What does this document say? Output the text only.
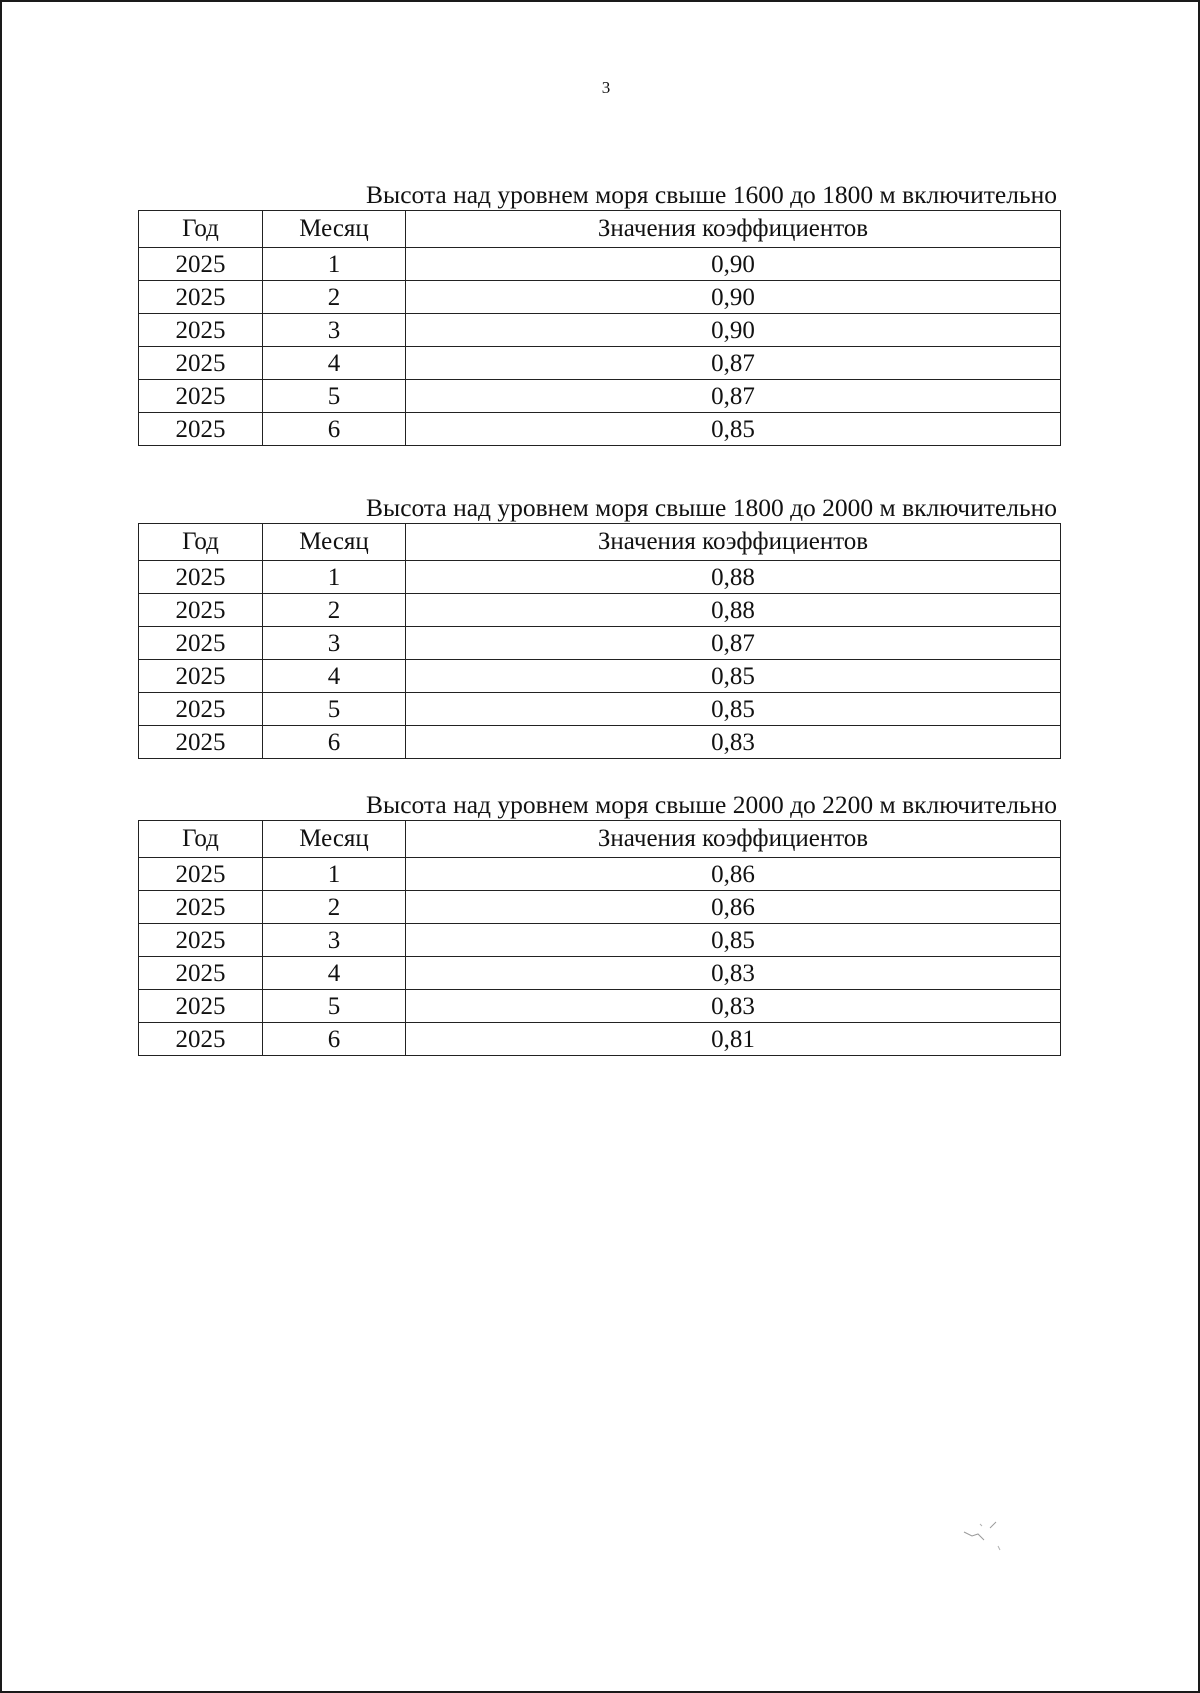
3
Высота над уровнем моря свыше 1600 до 1800 м включительно
Год	Месяц	Значения коэффициентов
2025	1	0,90
2025	2	0,90
2025	3	0,90
2025	4	0,87
2025	5	0,87
2025	6	0,85
Высота над уровнем моря свыше 1800 до 2000 м включительно
Год	Месяц	Значения коэффициентов
2025	1	0,88
2025	2	0,88
2025	3	0,87
2025	4	0,85
2025	5	0,85
2025	6	0,83
Высота над уровнем моря свыше 2000 до 2200 м включительно
Год	Месяц	Значения коэффициентов
2025	1	0,86
2025	2	0,86
2025	3	0,85
2025	4	0,83
2025	5	0,83
2025	6	0,81
